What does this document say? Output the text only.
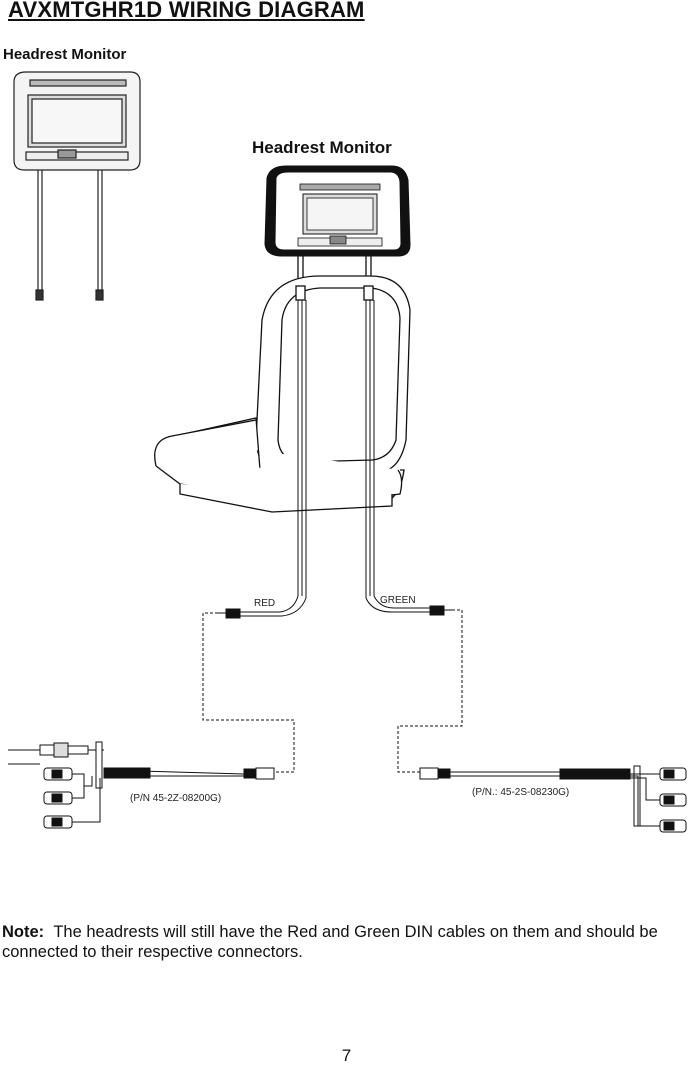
AVXMTGHR1D WIRING DIAGRAM
Headrest Monitor
Headrest Monitor
RED	GREEN
(P/N 45-2Z-08200G)
(P/N.: 45-2S-08230G)
Note: The headrests will still have the Red and Green DIN cables on them and should be connected to their respective connectors.
7
